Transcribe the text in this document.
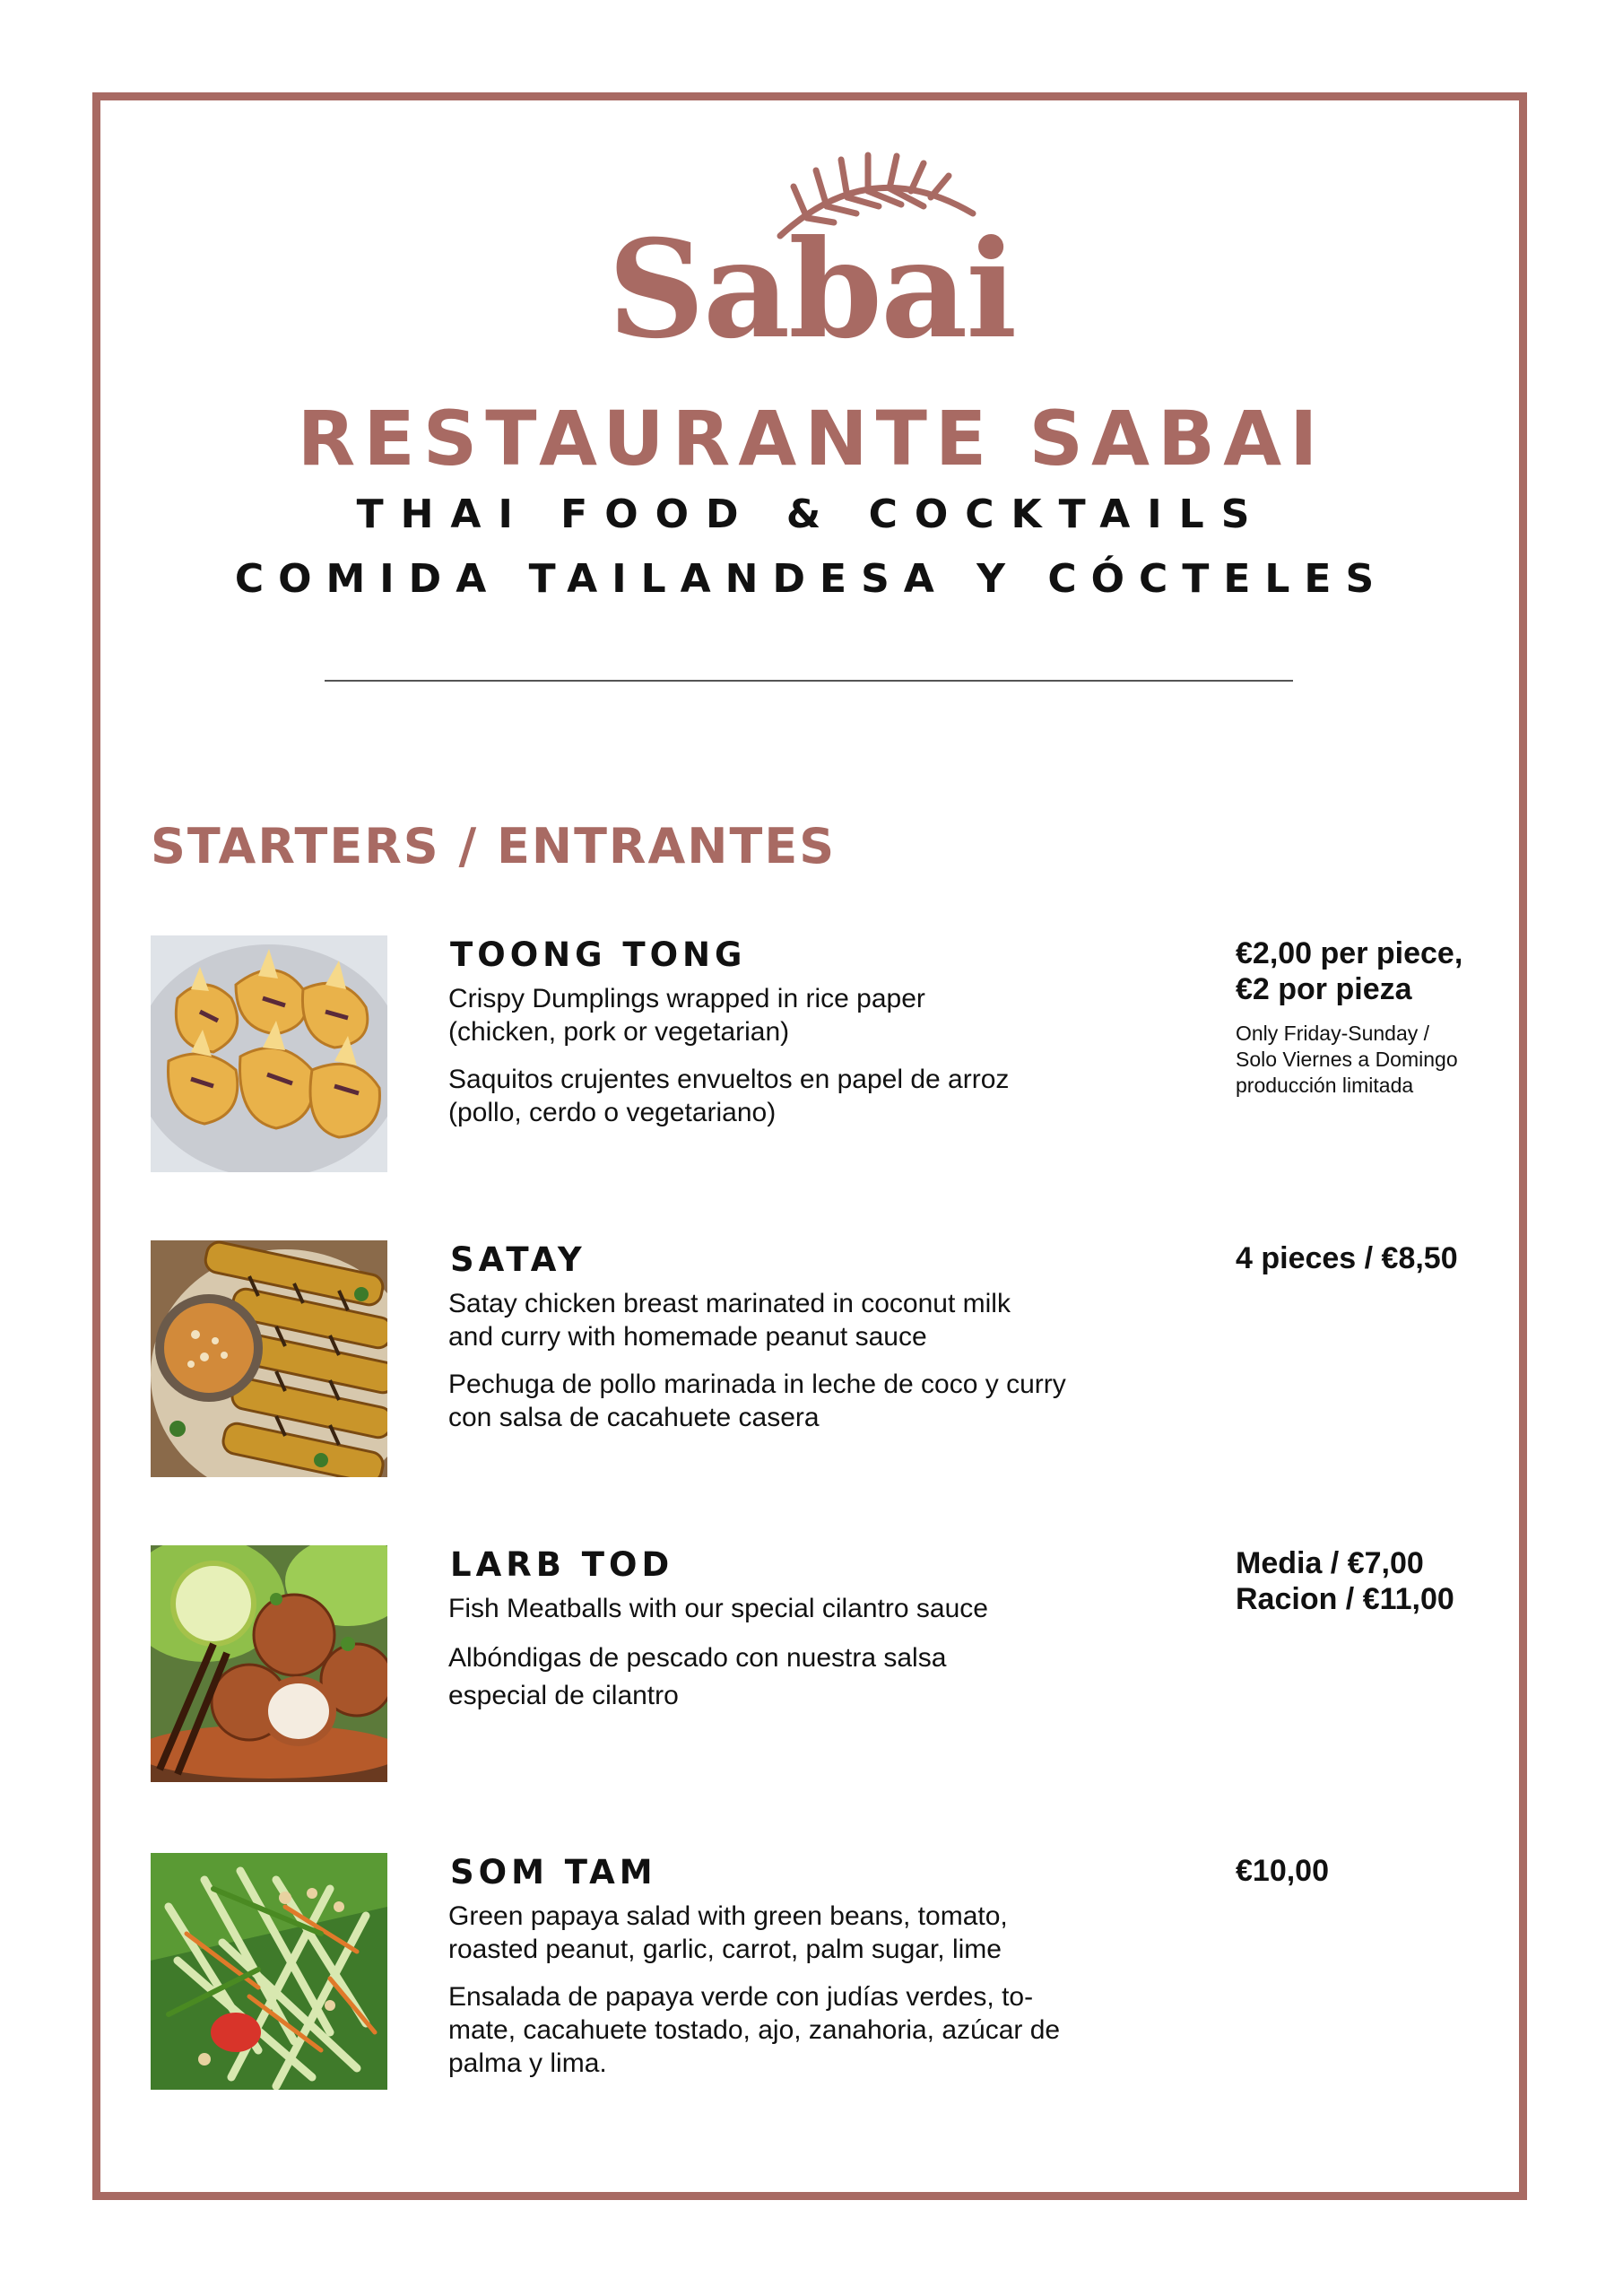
Sabai
RESTAURANTE SABAI
THAI FOOD & COCKTAILS
COMIDA TAILANDESA Y CÓCTELES
STARTERS / ENTRANTES
TOONG TONG
Crispy Dumplings wrapped in rice paper
(chicken, pork or vegetarian)
Saquitos crujentes envueltos en papel de arroz
(pollo, cerdo o vegetariano)
€2,00 per piece,
€2 por pieza
Only Friday-Sunday /
Solo Viernes a Domingo
producción limitada
SATAY
Satay chicken breast marinated in coconut milk
and curry with homemade peanut sauce
Pechuga de pollo marinada in leche de coco y curry
con salsa de cacahuete casera
4 pieces / €8,50
LARB TOD
Fish Meatballs with our special cilantro sauce
Albóndigas de pescado con nuestra salsa
especial de cilantro
Media / €7,00
Racion / €11,00
SOM TAM
Green papaya salad with green beans, tomato,
roasted peanut, garlic, carrot, palm sugar, lime
Ensalada de papaya verde con judías verdes, to-
mate, cacahuete tostado, ajo, zanahoria, azúcar de
palma y lima.
€10,00
